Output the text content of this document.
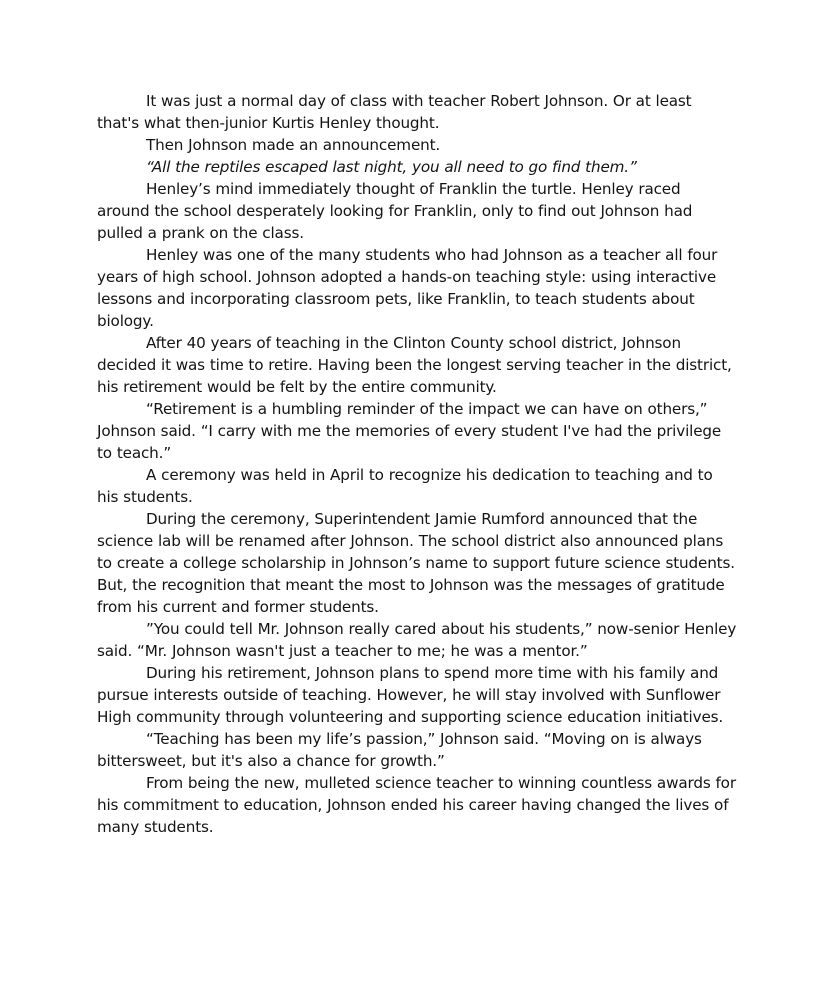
It was just a normal day of class with teacher Robert Johnson. Or at least that's what then-junior Kurtis Henley thought.

Then Johnson made an announcement.

“All the reptiles escaped last night, you all need to go find them.”

Henley’s mind immediately thought of Franklin the turtle. Henley raced around the school desperately looking for Franklin, only to find out Johnson had pulled a prank on the class.

Henley was one of the many students who had Johnson as a teacher all four years of high school. Johnson adopted a hands-on teaching style: using interactive lessons and incorporating classroom pets, like Franklin, to teach students about biology.

After 40 years of teaching in the Clinton County school district, Johnson decided it was time to retire. Having been the longest serving teacher in the district, his retirement would be felt by the entire community.

“Retirement is a humbling reminder of the impact we can have on others,” Johnson said. “I carry with me the memories of every student I've had the privilege to teach.”

A ceremony was held in April to recognize his dedication to teaching and to his students.

During the ceremony, Superintendent Jamie Rumford announced that the science lab will be renamed after Johnson. The school district also announced plans to create a college scholarship in Johnson’s name to support future science students. But, the recognition that meant the most to Johnson was the messages of gratitude from his current and former students.

”You could tell Mr. Johnson really cared about his students,” now-senior Henley said. “Mr. Johnson wasn't just a teacher to me; he was a mentor.”

During his retirement, Johnson plans to spend more time with his family and pursue interests outside of teaching. However, he will stay involved with Sunflower High community through volunteering and supporting science education initiatives.

“Teaching has been my life’s passion,” Johnson said. “Moving on is always bittersweet, but it's also a chance for growth.”

From being the new, mulleted science teacher to winning countless awards for his commitment to education, Johnson ended his career having changed the lives of many students.
